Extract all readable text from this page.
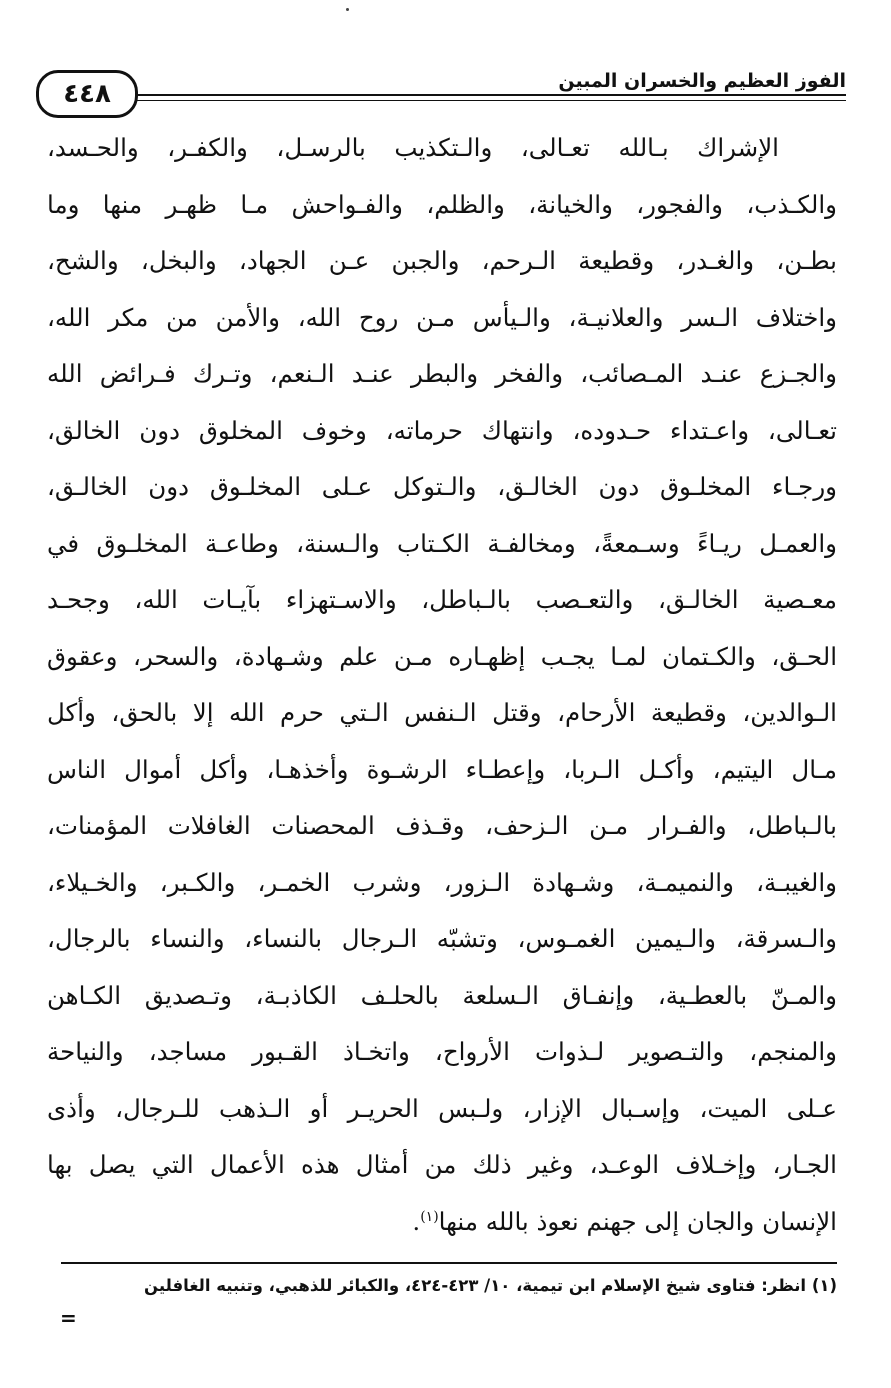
٤٤٨	الفوز العظيم والخسران المبين
الإشراك بـالله تعـالى، والـتكذيب بالرسـل، والكفـر، والحـسد،
والكـذب، والفجور، والخيانة، والظلم، والفـواحش مـا ظهـر منها وما
بطـن، والغـدر، وقطيعة الـرحم، والجبن عـن الجهاد، والبخل، والشح،
واختلاف الـسر والعلانيـة، والـيأس مـن روح الله، والأمن من مكر الله،
والجـزع عنـد المـصائب، والفخر والبطر عنـد الـنعم، وتـرك فـرائض الله
تعـالى، واعـتداء حـدوده، وانتهاك حرماته، وخوف المخلوق دون الخالق،
ورجـاء المخلـوق دون الخالـق، والـتوكل عـلى المخلـوق دون الخالـق،
والعمـل ريـاءً وسـمعةً، ومخالفـة الكـتاب والـسنة، وطاعـة المخلـوق في
معـصية الخالـق، والتعـصب بالـباطل، والاسـتهزاء بآيـات الله، وجحـد
الحـق، والكـتمان لمـا يجـب إظهـاره مـن علم وشـهادة، والسحر، وعقوق
الـوالدين، وقطيعة الأرحام، وقتل الـنفس الـتي حرم الله إلا بالحق، وأكل
مـال اليتيم، وأكـل الـربا، وإعطـاء الرشـوة وأخذهـا، وأكل أموال الناس
بالـباطل، والفـرار مـن الـزحف، وقـذف المحصنات الغافلات المؤمنات،
والغيبـة، والنميمـة، وشـهادة الـزور، وشرب الخمـر، والكـبر، والخـيلاء،
والـسرقة، والـيمين الغمـوس، وتشبّه الـرجال بالنساء، والنساء بالرجال،
والمـنّ بالعطـية، وإنفـاق الـسلعة بالحلـف الكاذبـة، وتـصديق الكـاهن
والمنجم، والتـصوير لـذوات الأرواح، واتخـاذ القـبور مساجد، والنياحة
عـلى الميت، وإسـبال الإزار، ولـبس الحريـر أو الـذهب للـرجال، وأذى
الجـار، وإخـلاف الوعـد، وغير ذلك من أمثال هذه الأعمال التي يصل بها
الإنسان والجان إلى جهنم نعوذ بالله منها$^{(١)}$.
(١) انظر: فتاوى شيخ الإسلام ابن تيمية، ١٠/ ٤٢٣-٤٢٤، والكبائر للذهبي، وتنبيه الغافلين
=
